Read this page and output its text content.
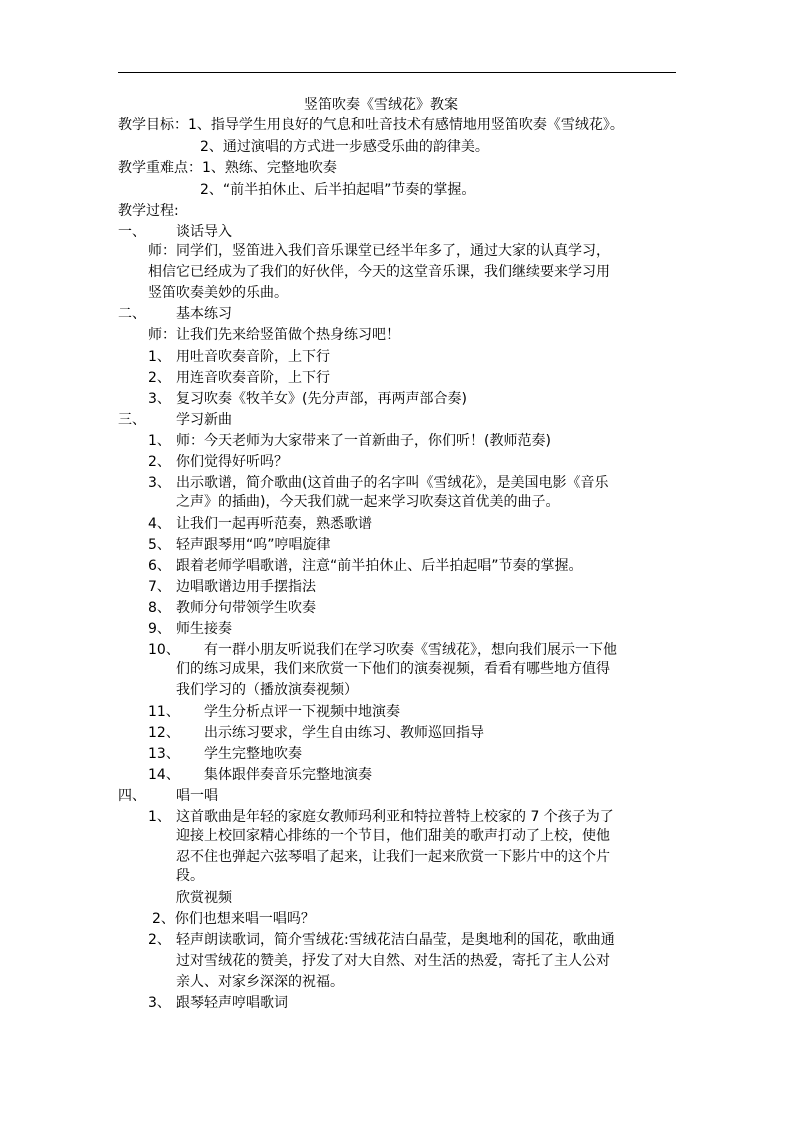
竖笛吹奏《雪绒花》教案
教学目标：1、指导学生用良好的气息和吐音技术有感情地用竖笛吹奏《雪绒花》。
2、通过演唱的方式进一步感受乐曲的韵律美。
教学重难点：1、熟练、完整地吹奏
2、“前半拍休止、后半拍起唱”节奏的掌握。
教学过程:
一、 谈话导入
师：同学们，竖笛进入我们音乐课堂已经半年多了，通过大家的认真学习，
相信它已经成为了我们的好伙伴，今天的这堂音乐课，我们继续要来学习用
竖笛吹奏美妙的乐曲。
二、 基本练习
师：让我们先来给竖笛做个热身练习吧！
1、 用吐音吹奏音阶，上下行
2、 用连音吹奏音阶，上下行
3、 复习吹奏《牧羊女》(先分声部，再两声部合奏)
三、 学习新曲
1、 师：今天老师为大家带来了一首新曲子，你们听！(教师范奏)
2、 你们觉得好听吗？
3、 出示歌谱，简介歌曲(这首曲子的名字叫《雪绒花》，是美国电影《音乐
之声》的插曲)，今天我们就一起来学习吹奏这首优美的曲子。
4、 让我们一起再听范奏，熟悉歌谱
5、 轻声跟琴用“呜”哼唱旋律
6、 跟着老师学唱歌谱，注意“前半拍休止、后半拍起唱”节奏的掌握。
7、 边唱歌谱边用手摆指法
8、 教师分句带领学生吹奏
9、 师生接奏
10、 有一群小朋友听说我们在学习吹奏《雪绒花》，想向我们展示一下他
们的练习成果，我们来欣赏一下他们的演奏视频，看看有哪些地方值得
我们学习的（播放演奏视频）
11、 学生分析点评一下视频中地演奏
12、 出示练习要求，学生自由练习、教师巡回指导
13、 学生完整地吹奏
14、 集体跟伴奏音乐完整地演奏
四、 唱一唱
1、 这首歌曲是年轻的家庭女教师玛利亚和特拉普特上校家的 7 个孩子为了
迎接上校回家精心排练的一个节目，他们甜美的歌声打动了上校，使他
忍不住也弹起六弦琴唱了起来，让我们一起来欣赏一下影片中的这个片
段。
欣赏视频
2、你们也想来唱一唱吗？
2、 轻声朗读歌词，简介雪绒花:雪绒花洁白晶莹，是奥地利的国花，歌曲通
过对雪绒花的赞美，抒发了对大自然、对生活的热爱，寄托了主人公对
亲人、对家乡深深的祝福。
3、 跟琴轻声哼唱歌词
